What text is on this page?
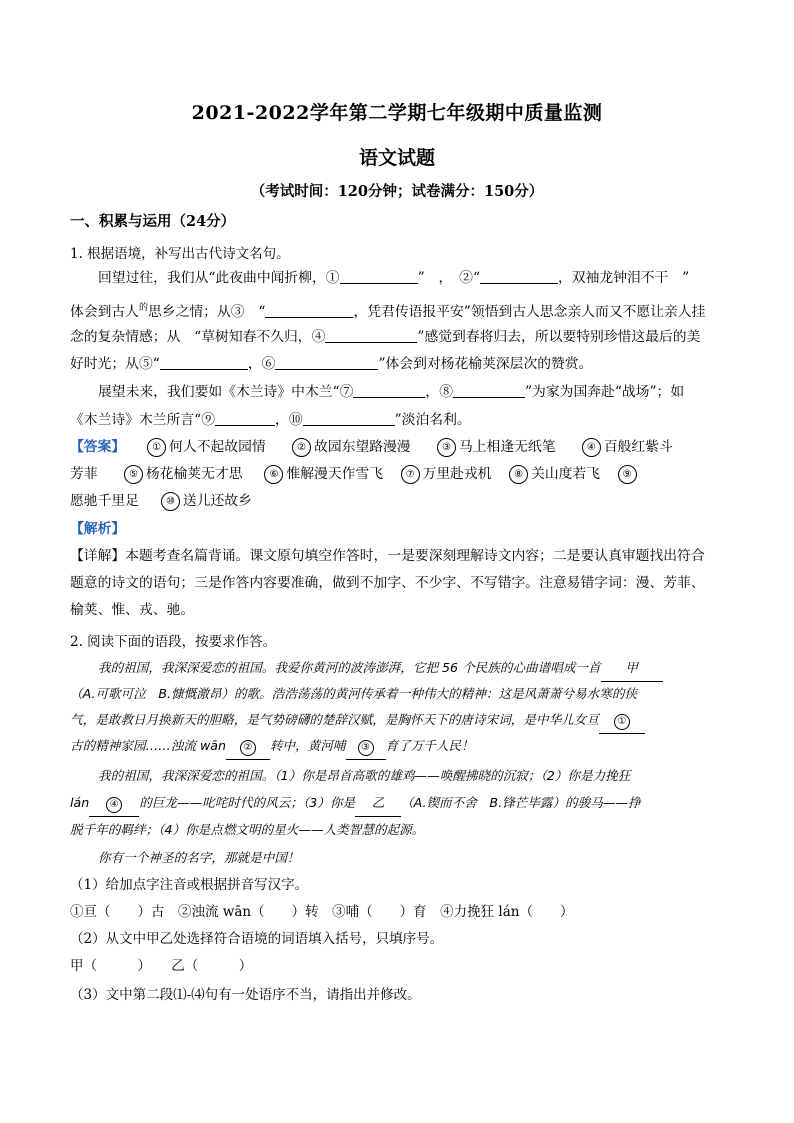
2021-2022学年第二学期七年级期中质量监测
语文试题
（考试时间：120分钟；试卷满分：150分）
一、积累与运用（24分）
1. 根据语境，补写出古代诗文名句。
回望过往，我们从“此夜曲中闻折柳，①	”　，　②“	，双袖龙钟泪不干　”
体会到古人$^的$思乡之情；从③　“	，凭君传语报平安”领悟到古人思念亲人而又不愿让亲人挂
念的复杂情感；从　“草树知春不久归，④	”感觉到春将归去，所以要特别珍惜这最后的美
好时光；从⑤“	，⑥	”体会到对杨花榆荚深层次的赞赏。
展望未来，我们要如《木兰诗》中木兰“⑦	，⑧	”为家为国奔赴“战场”；如
《木兰诗》木兰所言“⑨	，⑩	”淡泊名利。
【答案】	① 何人不起故园情	② 故园东望路漫漫	③ 马上相逢无纸笔	④ 百般红紫斗
芳菲	⑤ 杨花榆荚无才思	⑥ 惟解漫天作雪飞 ⑦ 万里赴戎机 ⑧ 关山度若飞 ⑨
愿驰千里足	⑩ 送儿还故乡
【解析】
【详解】本题考查名篇背诵。课文原句填空作答时，一是要深刻理解诗文内容；二是要认真审题找出符合
题意的诗文的语句；三是作答内容要准确，做到不加字、不少字、不写错字。注意易错字词：漫、芳菲、
榆荚、惟、戎、驰。
2. 阅读下面的语段，按要求作答。
我的祖国，我深深爱恋的祖国。我爱你黄河的波涛澎湃，它把 56 个民族的心曲谱唱成一首 甲
（A.可歌可泣　B.慷慨激昂）的歌。浩浩荡荡的黄河传承着一种伟大的精神：这是风萧萧兮易水寒的侠
气，是敢教日月换新天的胆略，是气势磅礴的楚辞汉赋，是胸怀天下的唐诗宋词，是中华儿女亘 ①
古的精神家园……浊流 wān ② 转中，黄河哺 ③ 育了万千人民！
我的祖国，我深深爱恋的祖国。（1）你是昂首高歌的雄鸡——唤醒拂晓的沉寂；（2）你是力挽狂
lán ④ 的巨龙——叱咤时代的风云；（3）你是 乙 （A.锲而不舍　B.锋芒毕露）的骏马——挣
脱千年的羁绊；（4）你是点燃文明的星火——人类智慧的起源。
你有一个神圣的名字，那就是中国！
（1）给加点字注音或根据拼音写汉字。
①亘（　　）古　②浊流 wān（　　）转　③哺（　　）育　④力挽狂 lán（　　）
（2）从文中甲乙处选择符合语境的词语填入括号，只填序号。
甲（　　　）　　乙（　　　）
（3）文中第二段⑴-⑷句有一处语序不当，请指出并修改。
